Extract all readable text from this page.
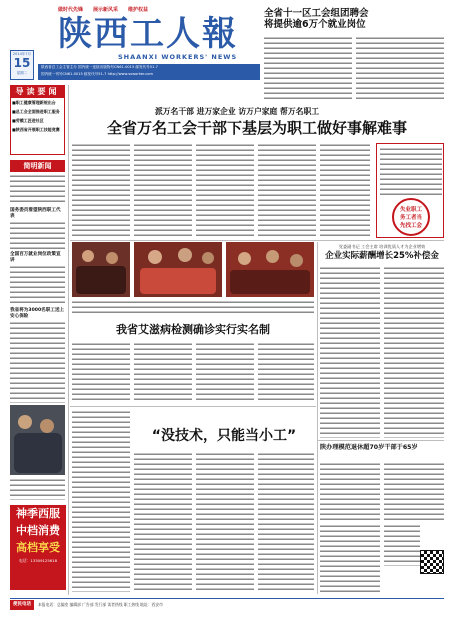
做时代先锋 展示新风采 维护权益
陕西工人報
SHAANXI WORKERS' NEWS
2014年7月
15
星期二
陕西省总工会主管主办 国内统一连续出版物号CN61-0015 邮发代号51-7
国内统一刊号CN61-0015 邮发代号51-7 http://www.sxworker.com
全省十一区工会组团聘会
将提供逾6万个就业岗位
导读要闻
■职工健康管理新规出台
■总工会全面推进职工服务
■劳模工匠进社区
■陕西省开展职工技能竞赛
简明新闻
国务委员看望陕西职工代表
全国百万就业岗位政策宣讲
我省将为3000名职工送上安心保险
神季西服
中档消费
高档享受
电话：13309125618
派万名干部 进万家企业 访万户家庭 帮万名职工
全省万名工会干部下基层为职工做好事解难事
失业职工
务工者当
先找工会
党委副书记 工会主席 培训优质人才为企业增效
企业实际薪酬增长25%补偿金
我省艾滋病检测确诊实行实名制
“没技术，只能当小工”
陕办理模范退休超70岁干部于65岁
便民电话	本报电话：总编室 编辑部 广告部 发行部 读者热线 职工热线 地址：西安市
